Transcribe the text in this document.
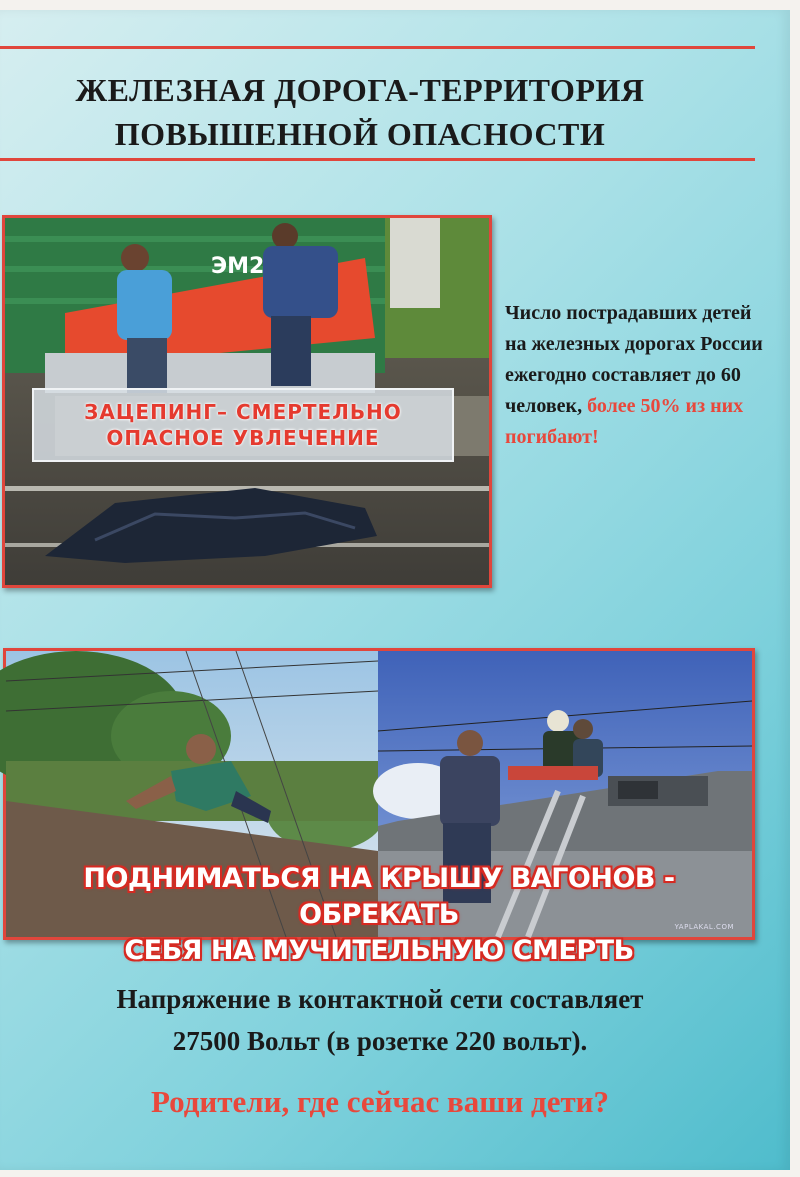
ЖЕЛЕЗНАЯ ДОРОГА-ТЕРРИТОРИЯ
ПОВЫШЕННОЙ ОПАСНОСТИ
ЭМ2
ЗАЦЕПИНГ– СМЕРТЕЛЬНО
ОПАСНОЕ УВЛЕЧЕНИЕ
Число пострадавших детей на железных дорогах России ежегодно составляет до 60 человек, более 50% из них погибают!
ПОДНИМАТЬСЯ НА КРЫШУ ВАГОНОВ - ОБРЕКАТЬ
СЕБЯ НА МУЧИТЕЛЬНУЮ СМЕРТЬ
YAPLAKAL.COM
Напряжение в контактной сети составляет
27500 Вольт (в розетке 220 вольт).
Родители, где сейчас ваши дети?
